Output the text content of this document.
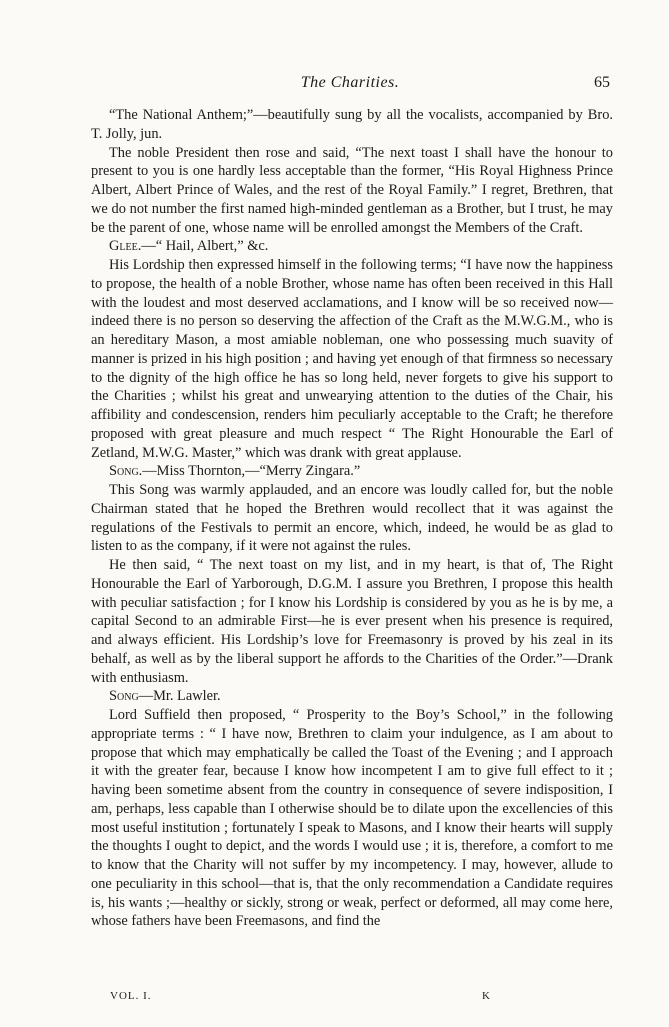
The Charities.	65

“The National Anthem;”—beautifully sung by all the vocalists, accompanied by Bro. T. Jolly, jun.

The noble President then rose and said, “The next toast I shall have the honour to present to you is one hardly less acceptable than the former, “His Royal Highness Prince Albert, Albert Prince of Wales, and the rest of the Royal Family.” I regret, Brethren, that we do not number the first named high-minded gentleman as a Brother, but I trust, he may be the parent of one, whose name will be enrolled amongst the Members of the Craft.

Glee.—“ Hail, Albert,” &c.

His Lordship then expressed himself in the following terms; “I have now the happiness to propose, the health of a noble Brother, whose name has often been received in this Hall with the loudest and most deserved acclamations, and I know will be so received now—indeed there is no person so deserving the affection of the Craft as the M.W.G.M., who is an hereditary Mason, a most amiable nobleman, one who possessing much suavity of manner is prized in his high position ; and having yet enough of that firmness so necessary to the dignity of the high office he has so long held, never forgets to give his support to the Charities ; whilst his great and unwearying attention to the duties of the Chair, his affibility and condescension, renders him peculiarly acceptable to the Craft; he therefore proposed with great pleasure and much respect “ The Right Honourable the Earl of Zetland, M.W.G. Master,” which was drank with great applause.

Song.—Miss Thornton,—“Merry Zingara.”

This Song was warmly applauded, and an encore was loudly called for, but the noble Chairman stated that he hoped the Brethren would recollect that it was against the regulations of the Festivals to permit an encore, which, indeed, he would be as glad to listen to as the company, if it were not against the rules.

He then said, “ The next toast on my list, and in my heart, is that of, The Right Honourable the Earl of Yarborough, D.G.M. I assure you Brethren, I propose this health with peculiar satisfaction ; for I know his Lordship is considered by you as he is by me, a capital Second to an admirable First—he is ever present when his presence is required, and always efficient. His Lordship’s love for Freemasonry is proved by his zeal in its behalf, as well as by the liberal support he affords to the Charities of the Order.”—Drank with enthusiasm.

Song—Mr. Lawler.

Lord Suffield then proposed, “ Prosperity to the Boy’s School,” in the following appropriate terms : “ I have now, Brethren to claim your indulgence, as I am about to propose that which may emphatically be called the Toast of the Evening ; and I approach it with the greater fear, because I know how incompetent I am to give full effect to it ; having been sometime absent from the country in consequence of severe indisposition, I am, perhaps, less capable than I otherwise should be to dilate upon the excellencies of this most useful institution ; fortunately I speak to Masons, and I know their hearts will supply the thoughts I ought to depict, and the words I would use ; it is, therefore, a comfort to me to know that the Charity will not suffer by my incompetency. I may, however, allude to one peculiarity in this school—that is, that the only recommendation a Candidate requires is, his wants ;—healthy or sickly, strong or weak, perfect or deformed, all may come here, whose fathers have been Freemasons, and find the

VOL. I.	K
